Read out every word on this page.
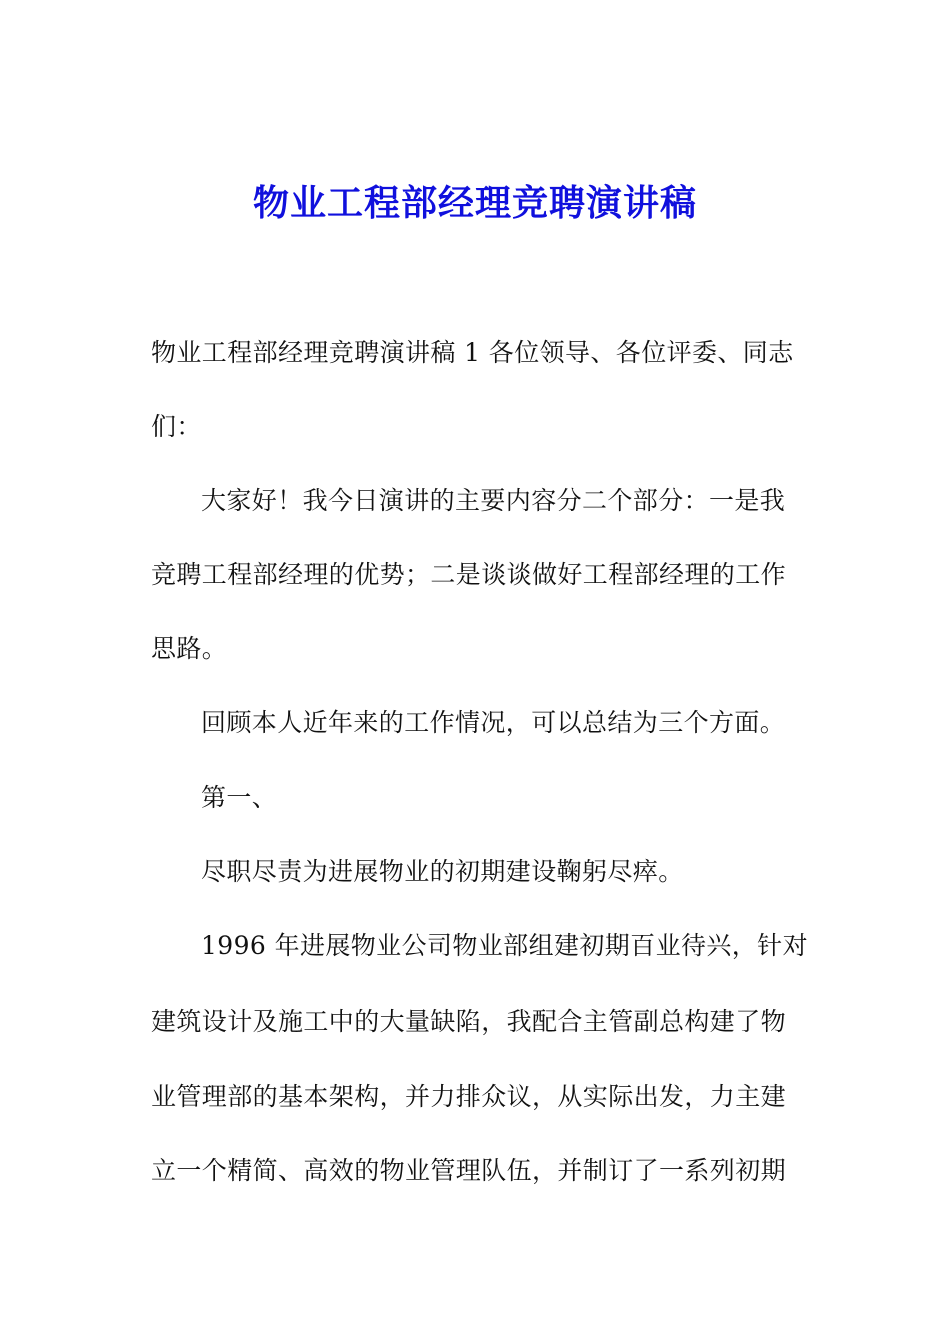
物业工程部经理竞聘演讲稿
物业工程部经理竞聘演讲稿 1 各位领导、各位评委、同志
们：
大家好！我今日演讲的主要内容分二个部分：一是我
竞聘工程部经理的优势；二是谈谈做好工程部经理的工作
思路。
回顾本人近年来的工作情况，可以总结为三个方面。
第一、
尽职尽责为进展物业的初期建设鞠躬尽瘁。
1996 年进展物业公司物业部组建初期百业待兴，针对
建筑设计及施工中的大量缺陷，我配合主管副总构建了物
业管理部的基本架构，并力排众议，从实际出发，力主建
立一个精简、高效的物业管理队伍，并制订了一系列初期
